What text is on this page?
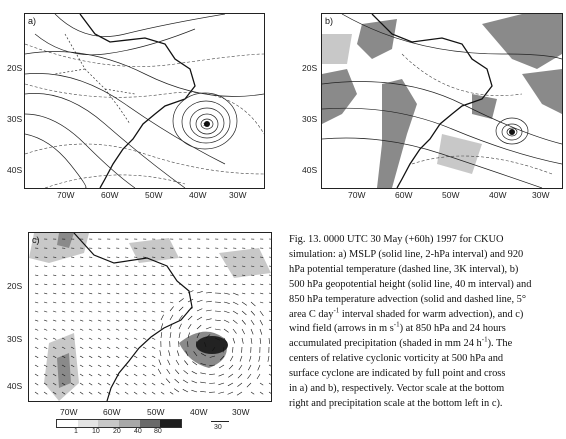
×
a)
20S
30S
40S
70W	60W	50W	40W	30W
b)
20S
30S
40S
70W	60W	50W	40W	30W
c)
20S
30S
40S
70W	60W	50W	40W	30W
1 10 20 40 80
30
Fig. 13. 0000 UTC 30 May (+60h) 1997 for CKUO
simulation: a) MSLP (solid line, 2-hPa interval) and 920
hPa potential temperature (dashed line, 3K interval), b)
500 hPa geopotential height (solid line, 40 m interval) and
850 hPa temperature advection (solid and dashed line, 5°
area C day$^{-1}$ interval shaded for warm advection), and c)
wind field (arrows in m $s^{-1}$) at 850 hPa and 24 hours
accumulated precipitation (shaded in mm 24 $h^{-1}$). The
centers of relative cyclonic vorticity at 500 hPa and
surface cyclone are indicated by full point and cross
in a) and b), respectively. Vector scale at the bottom
right and precipitation scale at the bottom left in c).
